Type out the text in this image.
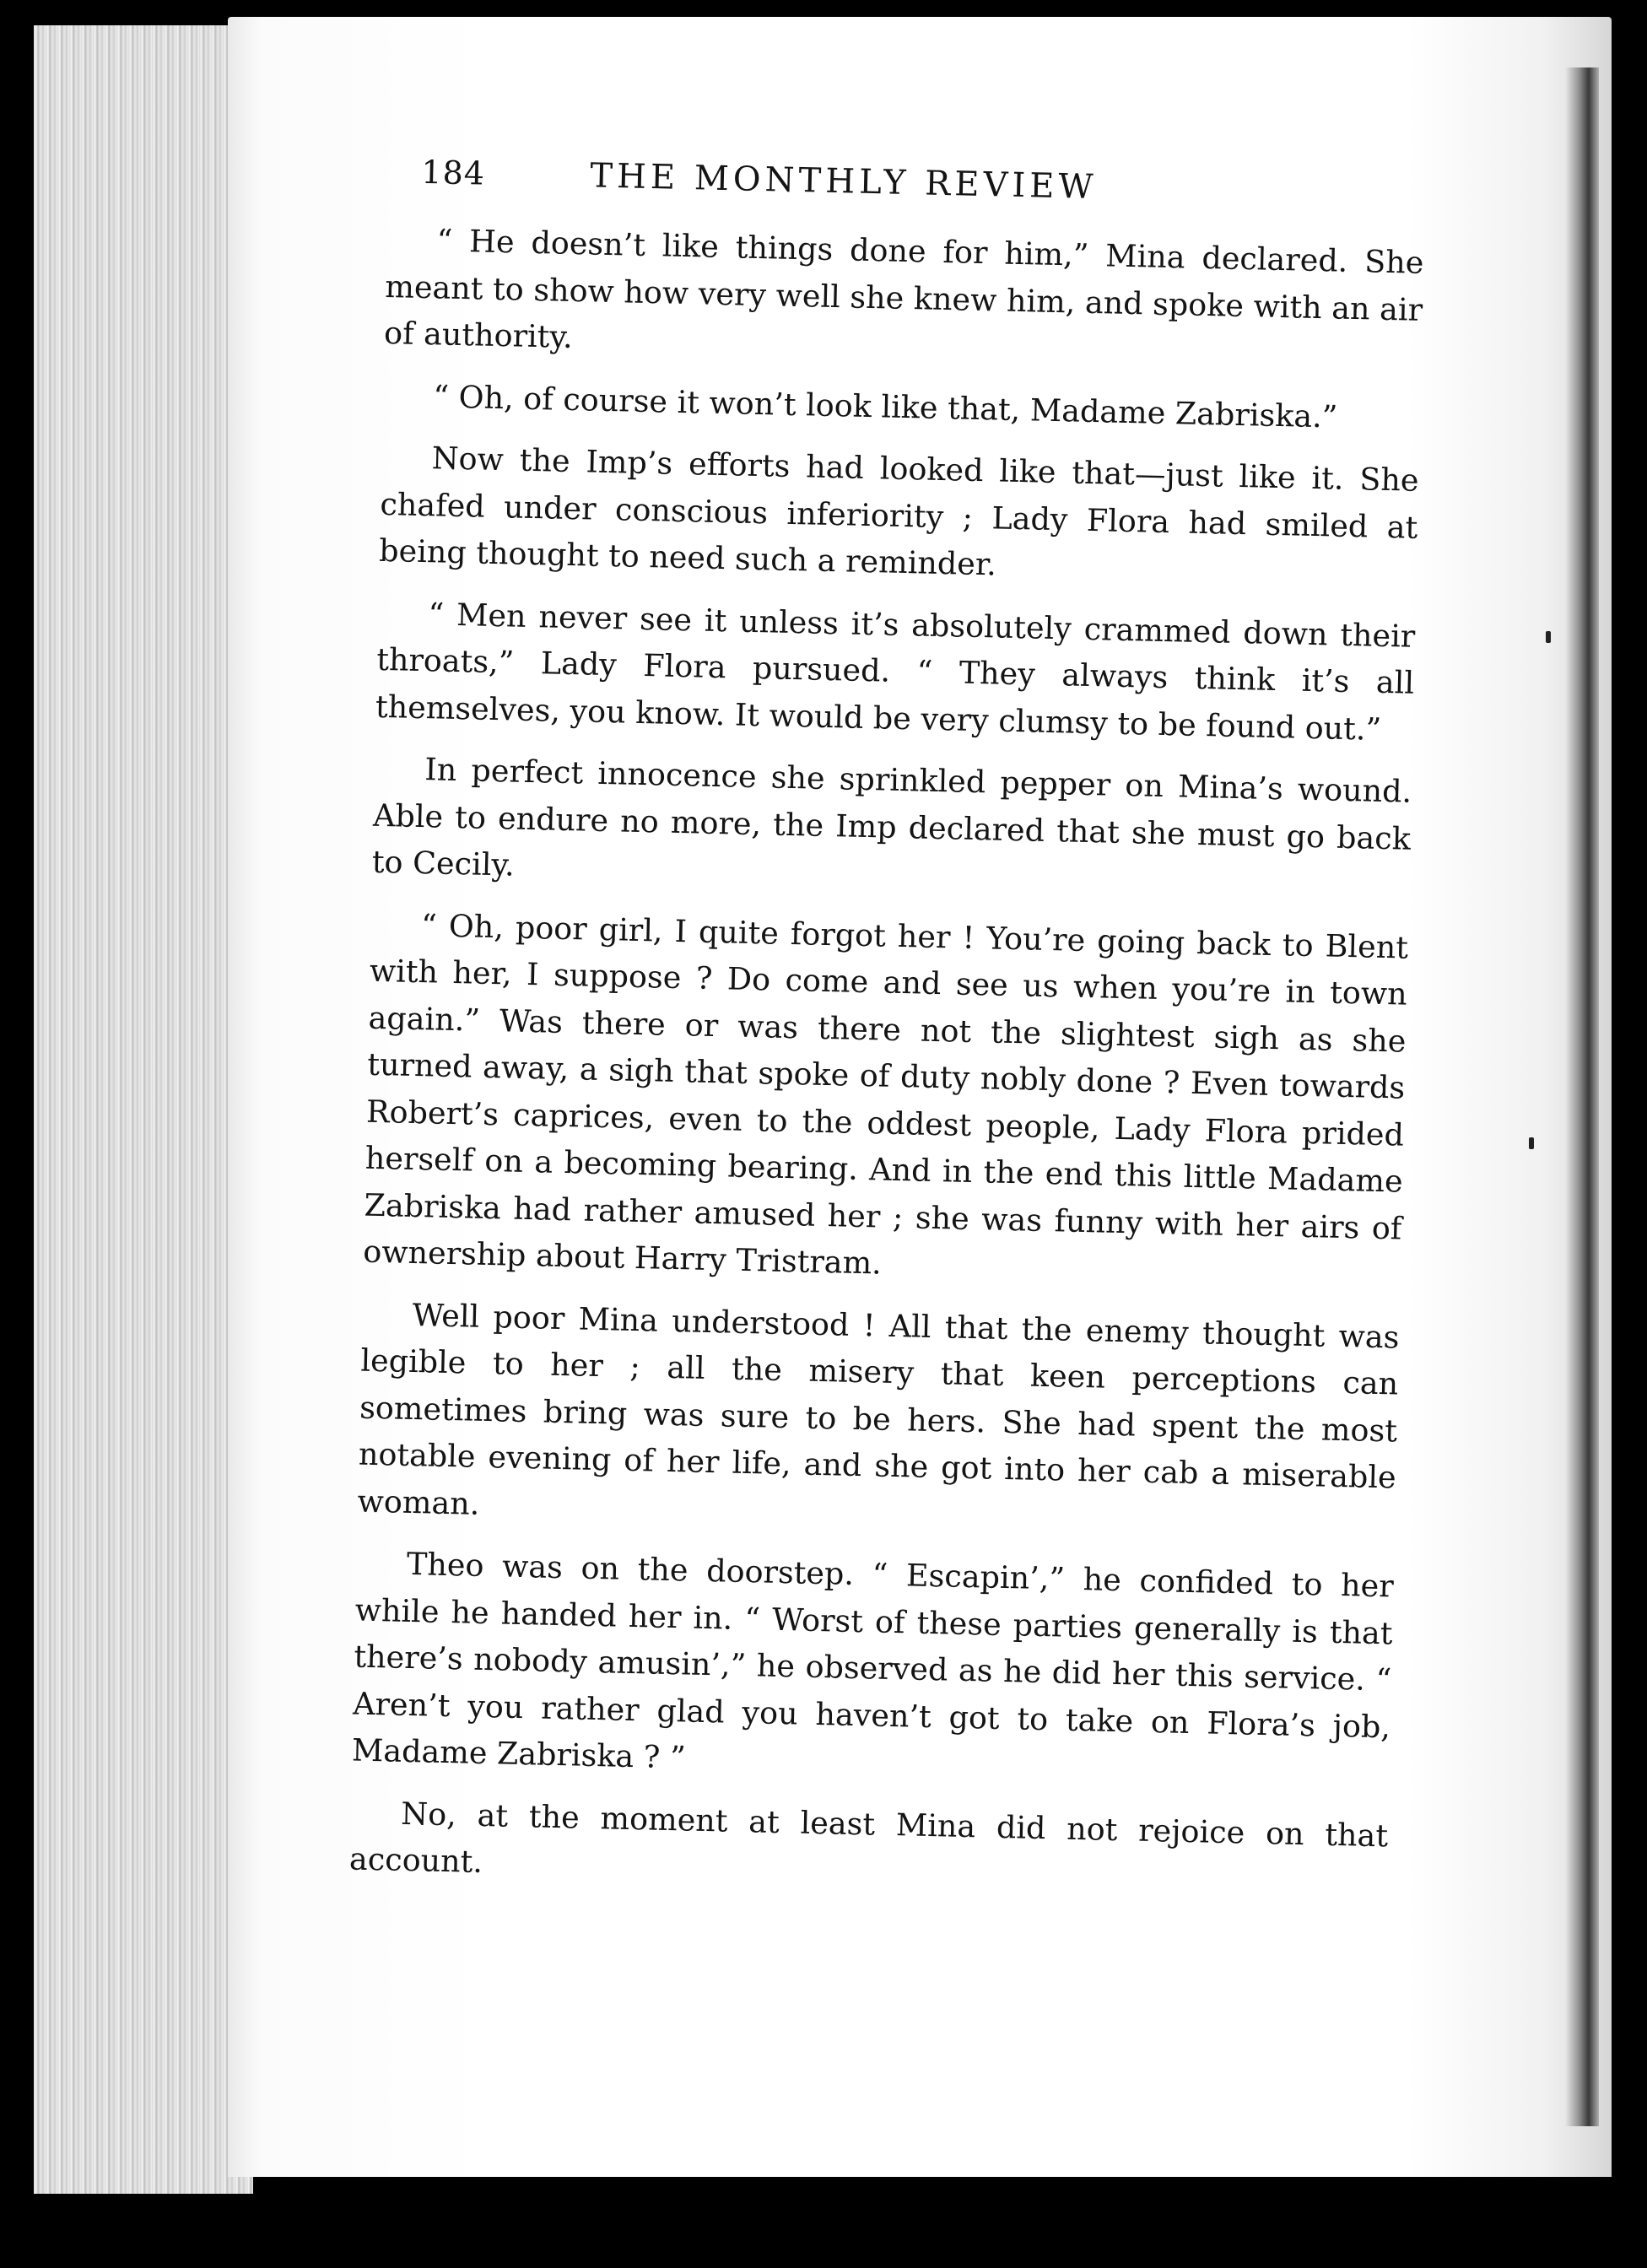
184	THE MONTHLY REVIEW

“ He doesn’t like things done for him,” Mina declared. She meant to show how very well she knew him, and spoke with an air of authority.

“ Oh, of course it won’t look like that, Madame Zabriska.”

Now the Imp’s efforts had looked like that—just like it. She chafed under conscious inferiority ; Lady Flora had smiled at being thought to need such a reminder.

“ Men never see it unless it’s absolutely crammed down their throats,” Lady Flora pursued. “ They always think it’s all themselves, you know. It would be very clumsy to be found out.”

In perfect innocence she sprinkled pepper on Mina’s wound. Able to endure no more, the Imp declared that she must go back to Cecily.

“ Oh, poor girl, I quite forgot her ! You’re going back to Blent with her, I suppose ? Do come and see us when you’re in town again.” Was there or was there not the slightest sigh as she turned away, a sigh that spoke of duty nobly done ? Even towards Robert’s caprices, even to the oddest people, Lady Flora prided herself on a becoming bearing. And in the end this little Madame Zabriska had rather amused her ; she was funny with her airs of ownership about Harry Tristram.

Well poor Mina understood ! All that the enemy thought was legible to her ; all the misery that keen perceptions can sometimes bring was sure to be hers. She had spent the most notable evening of her life, and she got into her cab a miserable woman.

Theo was on the doorstep. “ Escapin’,” he confided to her while he handed her in. “ Worst of these parties generally is that there’s nobody amusin’,” he observed as he did her this service. “ Aren’t you rather glad you haven’t got to take on Flora’s job, Madame Zabriska ? ”

No, at the moment at least Mina did not rejoice on that account.
